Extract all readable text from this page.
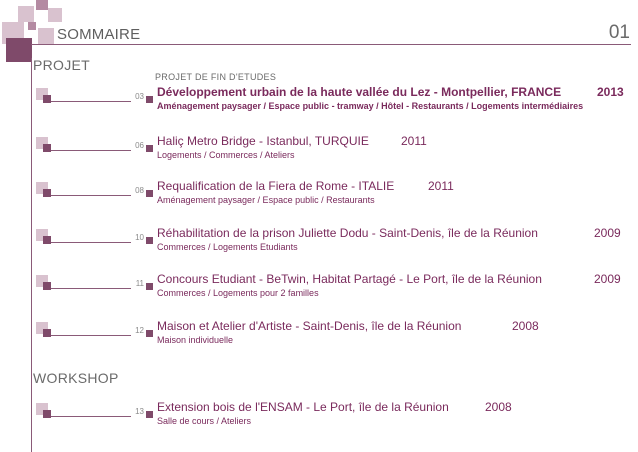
SOMMAIRE	01
PROJET
PROJET DE FIN D'ETUDES
03 Développement urbain de la haute vallée du Lez - Montpellier, FRANCE	2013
Aménagement paysager / Espace public - tramway / Hôtel - Restaurants / Logements intermédiaires
06 Haliç Metro Bridge - Istanbul, TURQUIE	2011
Logements / Commerces / Ateliers
08 Requalification de la Fiera de Rome - ITALIE	2011
Aménagement paysager / Espace public / Restaurants
10 Réhabilitation de la prison Juliette Dodu - Saint-Denis, île de la Réunion	2009
Commerces / Logements Etudiants
11 Concours Etudiant - BeTwin, Habitat Partagé - Le Port, île de la Réunion	2009
Commerces / Logements pour 2 familles
12 Maison et Atelier d'Artiste - Saint-Denis, île de la Réunion	2008
Maison individuelle
WORKSHOP
13 Extension bois de l'ENSAM - Le Port, île de la Réunion	2008
Salle de cours / Ateliers
